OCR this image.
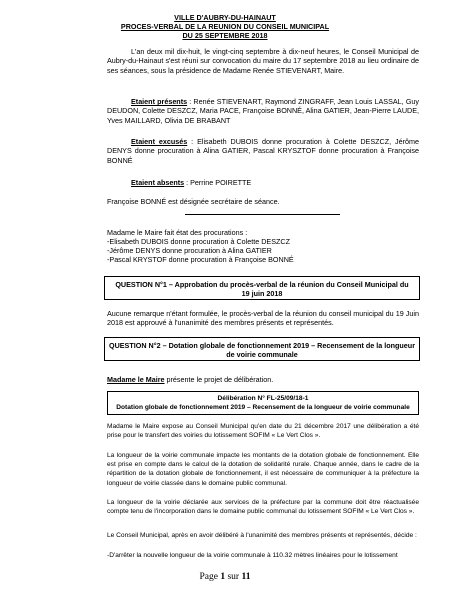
VILLE D'AUBRY-DU-HAINAUT
PROCES-VERBAL DE LA REUNION DU CONSEIL MUNICIPAL
DU 25 SEPTEMBRE 2018
L'an deux mil dix-huit, le vingt-cinq septembre à dix-neuf heures, le Conseil Municipal de Aubry-du-Hainaut s'est réuni sur convocation du maire du 17 septembre 2018 au lieu ordinaire de ses séances, sous la présidence de Madame Renée STIEVENART, Maire.
Etaient présents : Renée STIEVENART, Raymond ZINGRAFF, Jean Louis LASSAL, Guy DEUDON, Colette DESZCZ, Maria PACE, Françoise BONNÉ, Alina GATIER, Jean-Pierre LAUDE, Yves MAILLARD, Olivia DE BRABANT
Etaient excusés : Elisabeth DUBOIS donne procuration à Colette DESZCZ, Jérôme DENYS donne procuration à Alina GATIER, Pascal KRYSZTOF donne procuration à Françoise BONNÉ
Etaient absents : Perrine POIRETTE
Françoise BONNÉ est désignée secrétaire de séance.
Madame le Maire fait état des procurations :
-Elisabeth DUBOIS donne procuration à Colette DESZCZ
-Jérôme DENYS donne procuration à Alina GATIER
-Pascal KRYSTOF donne procuration à Françoise BONNÉ
QUESTION N°1 – Approbation du procès-verbal de la réunion du Conseil Municipal du
19 juin 2018
Aucune remarque n'étant formulée, le procès-verbal de la réunion du conseil municipal du 19 Juin 2018 est approuvé à l'unanimité des membres présents et représentés.
QUESTION N°2 – Dotation globale de fonctionnement 2019 – Recensement de la longueur
de voirie communale
Madame le Maire présente le projet de délibération.
Délibération N° FL-25/09/18-1
Dotation globale de fonctionnement 2019 – Recensement de la longueur de voirie communale
Madame le Maire expose au Conseil Municipal qu'en date du 21 décembre 2017 une délibération a été prise pour le transfert des voiries du lotissement SOFIM « Le Vert Clos ».
La longueur de la voirie communale impacte les montants de la dotation globale de fonctionnement. Elle est prise en compte dans le calcul de la dotation de solidarité rurale. Chaque année, dans le cadre de la répartition de la dotation globale de fonctionnement, il est nécessaire de communiquer à la préfecture la longueur de voirie classée dans le domaine public communal.
La longueur de la voirie déclarée aux services de la préfecture par la commune doit être réactualisée compte tenu de l'incorporation dans le domaine public communal du lotissement SOFIM « Le Vert Clos ».
Le Conseil Municipal, après en avoir délibéré à l'unanimité des membres présents et représentés, décide :
-D'arrêter la nouvelle longueur de la voirie communale à 110.32 mètres linéaires pour le lotissement
Page 1 sur 11
